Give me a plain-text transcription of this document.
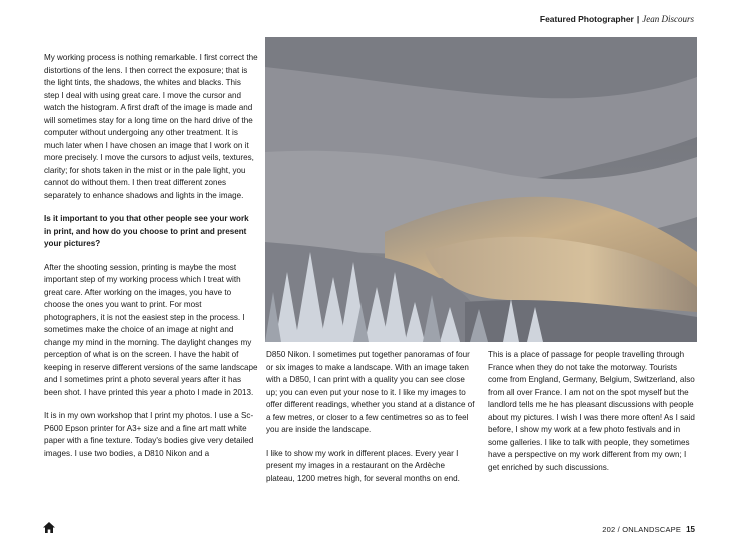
Featured Photographer | Jean Discours

My working process is nothing remarkable. I first correct the distortions of the lens. I then correct the exposure; that is the light tints, the shadows, the whites and blacks. This step I deal with using great care. I move the cursor and watch the histogram. A first draft of the image is made and will sometimes stay for a long time on the hard drive of the computer without undergoing any other treatment. It is much later when I have chosen an image that I work on it more precisely. I move the cursors to adjust veils, textures, clarity; for shots taken in the mist or in the pale light, you cannot do without them. I then treat different zones separately to enhance shadows and lights in the image.

Is it important to you that other people see your work in print, and how do you choose to print and present your pictures?

After the shooting session, printing is maybe the most important step of my working process which I treat with great care. After working on the images, you have to choose the ones you want to print. For most photographers, it is not the easiest step in the process. I sometimes make the choice of an image at night and change my mind in the morning. The daylight changes my perception of what is on the screen. I have the habit of keeping in reserve different versions of the same landscape and I sometimes print a photo several years after it has been shot. I have printed this year a photo I made in 2013.

It is in my own workshop that I print my photos. I use a Sc-P600 Epson printer for A3+ size and a fine art matt white paper with a fine texture. Today's bodies give very detailed images. I use two bodies, a D810 Nikon and a

D850 Nikon. I sometimes put together panoramas of four or six images to make a landscape. With an image taken with a D850, I can print with a quality you can see close up; you can even put your nose to it. I like my images to offer different readings, whether you stand at a distance of a few metres, or closer to a few centimetres so as to feel you are inside the landscape.

I like to show my work in different places. Every year I present my images in a restaurant on the Ardèche plateau, 1200 metres high, for several months on end.

This is a place of passage for people travelling through France when they do not take the motorway. Tourists come from England, Germany, Belgium, Switzerland, also from all over France. I am not on the spot myself but the landlord tells me he has pleasant discussions with people about my pictures. I wish I was there more often! As I said before, I show my work at a few photo festivals and in some galleries. I like to talk with people, they sometimes have a perspective on my work different from my own; I get enriched by such discussions.

202 / ONLANDSCAPE 15
